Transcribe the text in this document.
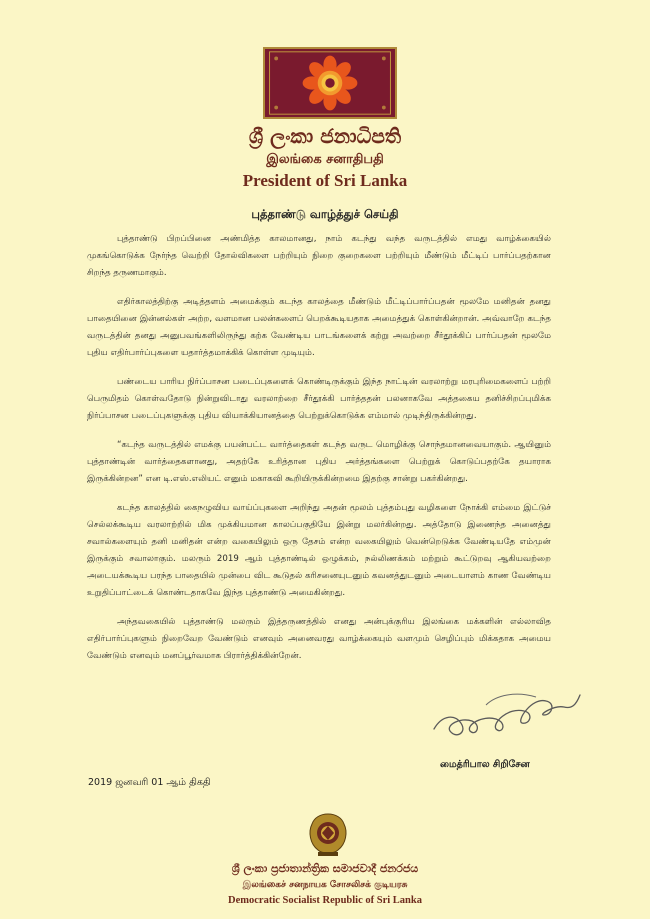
ශ්‍රී ලංකා ජනාධිපති
இலங்கை சனாதிபதி
President of Sri Lanka
புத்தாண்டு வாழ்த்துச் செய்தி

புத்தாண்டு பிறப்பினை அண்மித்த காலமானது, நாம் கடந்து வந்த வருடத்தில் எமது வாழ்க்கையில் முகங்கொடுக்க நேர்ந்த வெற்றி தோல்விகளை பற்றியும் நிறை குறைகளை பற்றியும் மீண்டும் மீட்டிப் பார்ப்பதற்கான சிறந்த தருணமாகும்.

எதிர்காலத்திற்கு அடித்தளம் அமைக்கும் கடந்த காலத்தை மீண்டும் மீட்டிப்பார்ப்பதன் மூலமே மனிதன் தனது பாதையினை இன்னல்கள் அற்ற, வளமான பலன்களைப் பெறக்கூடியதாக அமைத்துக் கொள்கின்றான். அவ்வாறே கடந்த வருடத்தின் தனது அனுபவங்களிலிருந்து கற்க வேண்டிய பாடங்களைக் கற்று அவற்றை சீர்தூக்கிப் பார்ப்பதன் மூலமே புதிய எதிர்பார்ப்புகளை யதார்த்தமாக்கிக் கொள்ள முடியும்.

பண்டைய பாரிய நிர்ப்பாசன படைப்புகளைக் கொண்டிருக்கும் இந்த நாட்டின் வரலாற்று மரபுரிமைகளைப் பற்றி பெருமிதம் கொள்வதோடு நின்றுவிடாது வரலாற்றை சீர்தூக்கி பார்த்ததன் பலனாகவே அத்தகைய தனிச்சிறப்புமிக்க நிர்ப்பாசன படைப்புகளுக்கு புதிய வியாக்கியானத்தை பெற்றுக்கொடுக்க எம்மால் முடிந்திருக்கின்றது.

“கடந்த வருடத்தில் எமக்கு பயன்பட்ட வார்த்தைகள் கடந்த வருட மொழிக்கு சொந்தமானவையாகும். ஆயினும் புத்தாண்டின் வார்த்தைகளானது, அதற்கே உரித்தான புதிய அர்த்தங்களை பெற்றுக் கொடுப்பதற்கே தயாராக இருக்கின்றன” என டி.எஸ்.எலியட் எனும் மகாகவி கூறியிருக்கின்றமை இதற்கு சான்று பகர்கின்றது.

கடந்த காலத்தில் கைநழுவிய வாய்ப்புகளை அறிந்து அதன் மூலம் புத்தம்புது வழிகளை நோக்கி எம்மை இட்டுச் செல்லக்கூடிய வரலாற்றில் மிக முக்கியமான காலப்பகுதியே இன்று மலர்கின்றது. அத்தோடு இணைந்த அனைத்து சவால்களையும் தனி மனிதன் என்ற வகையிலும் ஒரு தேசம் என்ற வகையிலும் வென்றெடுக்க வேண்டியதே எம்முன் இருக்கும் சவாலாகும். மலரும் 2019 ஆம் புத்தாண்டில் ஒழுக்கம், நல்லிணக்கம் மற்றும் கூட்டுறவு ஆகியவற்றை அடையக்கூடிய பரந்த பாதையில் முன்பை விட கூடுதல் கரிசனையுடனும் கவனத்துடனும் அடையாளம் காண வேண்டிய உறுதிப்பாட்டைக் கொண்டதாகவே இந்த புத்தாண்டு அமைகின்றது.

அந்தவகையில் புத்தாண்டு மலரும் இத்தருணத்தில் எனது அன்புக்குரிய இலங்கை மக்களின் எல்லாவித எதிர்பார்ப்புகளும் நிறைவேற வேண்டும் எனவும் அனைவரது வாழ்க்கையும் வளமும் செழிப்பும் மிக்கதாக அமைய வேண்டும் எனவும் மனப்பூர்வமாக பிரார்த்திக்கின்றேன்.

மைத்ரிபால சிறிசேன
2019 ஜனவரி 01 ஆம் திகதி
ශ්‍රී ලංකා ප්‍රජාතාන්ත්‍රික සමාජවාදී ජනරජය
இலங்கைச் சனநாயக சோசலிசக் குடியரசு
Democratic Socialist Republic of Sri Lanka
